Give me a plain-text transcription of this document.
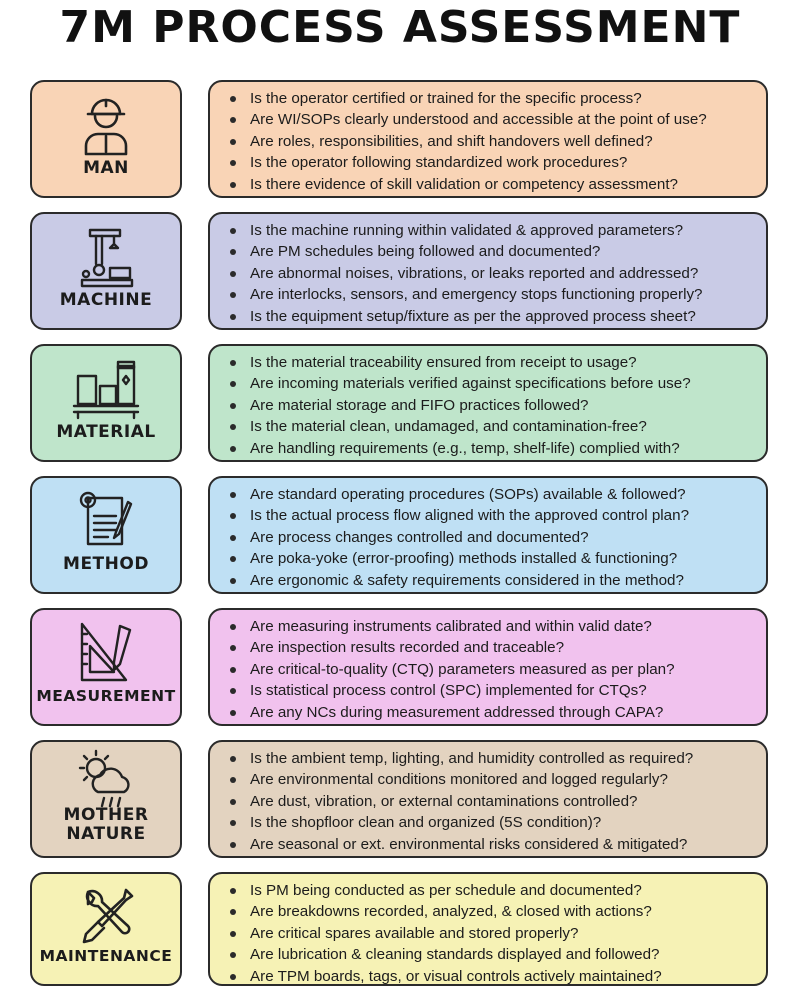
7M PROCESS ASSESSMENT
MAN
Is the operator certified or trained for the specific process?
Are WI/SOPs clearly understood and accessible at the point of use?
Are roles, responsibilities, and shift handovers well defined?
Is the operator following standardized work procedures?
Is there evidence of skill validation or competency assessment?
MACHINE
Is the machine running within validated & approved parameters?
Are PM schedules being followed and documented?
Are abnormal noises, vibrations, or leaks reported and addressed?
Are interlocks, sensors, and emergency stops functioning properly?
Is the equipment setup/fixture as per the approved process sheet?
MATERIAL
Is the material traceability ensured from receipt to usage?
Are incoming materials verified against specifications before use?
Are material storage and FIFO practices followed?
Is the material clean, undamaged, and contamination-free?
Are handling requirements (e.g., temp, shelf-life) complied with?
METHOD
Are standard operating procedures (SOPs) available & followed?
Is the actual process flow aligned with the approved control plan?
Are process changes controlled and documented?
Are poka-yoke (error-proofing) methods installed & functioning?
Are ergonomic & safety requirements considered in the method?
MEASUREMENT
Are measuring instruments calibrated and within valid date?
Are inspection results recorded and traceable?
Are critical-to-quality (CTQ) parameters measured as per plan?
Is statistical process control (SPC) implemented for CTQs?
Are any NCs during measurement addressed through CAPA?
MOTHER
NATURE
Is the ambient temp, lighting, and humidity controlled as required?
Are environmental conditions monitored and logged regularly?
Are dust, vibration, or external contaminations controlled?
Is the shopfloor clean and organized (5S condition)?
Are seasonal or ext. environmental risks considered & mitigated?
MAINTENANCE
Is PM being conducted as per schedule and documented?
Are breakdowns recorded, analyzed, & closed with actions?
Are critical spares available and stored properly?
Are lubrication & cleaning standards displayed and followed?
Are TPM boards, tags, or visual controls actively maintained?
